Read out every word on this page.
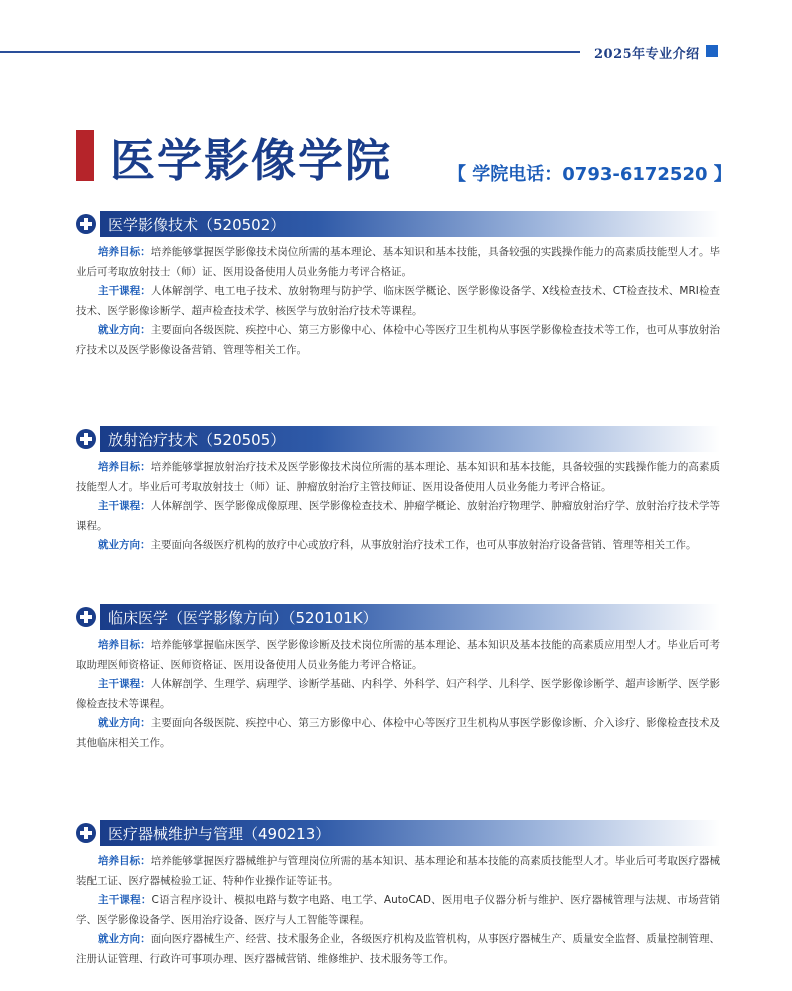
2025年专业介绍
医学影像学院	【 学院电话：0793-6172520 】
医学影像技术（520502）

培养目标：培养能够掌握医学影像技术岗位所需的基本理论、基本知识和基本技能，具备较强的实践操作能力的高素质技能型人才。毕业后可考取放射技士（师）证、医用设备使用人员业务能力考评合格证。

主干课程：人体解剖学、电工电子技术、放射物理与防护学、临床医学概论、医学影像设备学、X线检查技术、CT检查技术、MRI检查技术、医学影像诊断学、超声检查技术学、核医学与放射治疗技术等课程。

就业方向：主要面向各级医院、疾控中心、第三方影像中心、体检中心等医疗卫生机构从事医学影像检查技术等工作，也可从事放射治疗技术以及医学影像设备营销、管理等相关工作。

放射治疗技术（520505）

培养目标：培养能够掌握放射治疗技术及医学影像技术岗位所需的基本理论、基本知识和基本技能，具备较强的实践操作能力的高素质技能型人才。毕业后可考取放射技士（师）证、肿瘤放射治疗主管技师证、医用设备使用人员业务能力考评合格证。

主干课程：人体解剖学、医学影像成像原理、医学影像检查技术、肿瘤学概论、放射治疗物理学、肿瘤放射治疗学、放射治疗技术学等课程。

就业方向：主要面向各级医疗机构的放疗中心或放疗科，从事放射治疗技术工作，也可从事放射治疗设备营销、管理等相关工作。

临床医学（医学影像方向）（520101K）

培养目标：培养能够掌握临床医学、医学影像诊断及技术岗位所需的基本理论、基本知识及基本技能的高素质应用型人才。毕业后可考取助理医师资格证、医师资格证、医用设备使用人员业务能力考评合格证。

主干课程：人体解剖学、生理学、病理学、诊断学基础、内科学、外科学、妇产科学、儿科学、医学影像诊断学、超声诊断学、医学影像检查技术等课程。

就业方向：主要面向各级医院、疾控中心、第三方影像中心、体检中心等医疗卫生机构从事医学影像诊断、介入诊疗、影像检查技术及其他临床相关工作。

医疗器械维护与管理（490213）

培养目标：培养能够掌握医疗器械维护与管理岗位所需的基本知识、基本理论和基本技能的高素质技能型人才。毕业后可考取医疗器械装配工证、医疗器械检验工证、特种作业操作证等证书。

主干课程：C语言程序设计、模拟电路与数字电路、电工学、AutoCAD、医用电子仪器分析与维护、医疗器械管理与法规、市场营销学、医学影像设备学、医用治疗设备、医疗与人工智能等课程。

就业方向：面向医疗器械生产、经营、技术服务企业，各级医疗机构及监管机构，从事医疗器械生产、质量安全监督、质量控制管理、注册认证管理、行政许可事项办理、医疗器械营销、维修维护、技术服务等工作。
